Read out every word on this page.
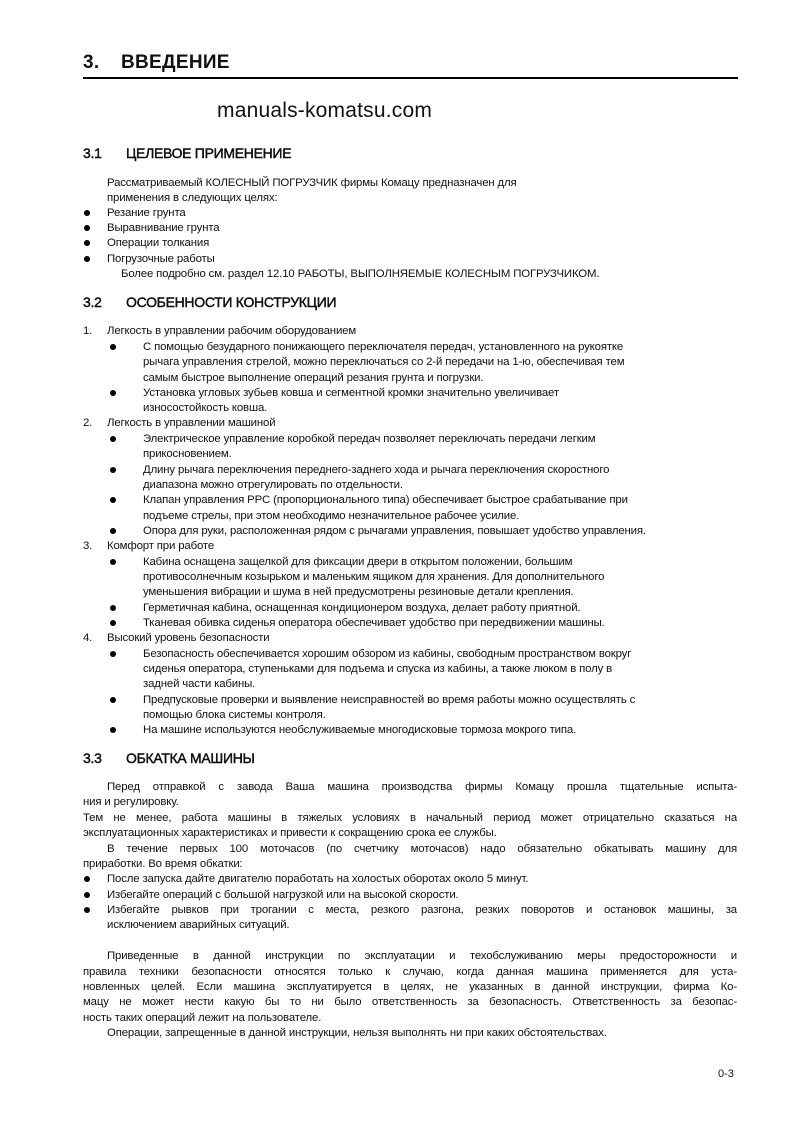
3. ВВЕДЕНИЕ
3.1 ЦЕЛЕВОЕ ПРИМЕНЕНИЕ
Рассматриваемый КОЛЕСНЫЙ ПОГРУЗЧИК фирмы Комацу предназначен для
применения в следующих целях:
Резание грунта
Выравнивание грунта
Операции толкания
Погрузочные работы
Более подробно см. раздел 12.10 РАБОТЫ, ВЫПОЛНЯЕМЫЕ КОЛЕСНЫМ ПОГРУЗЧИКОМ.
3.2 ОСОБЕННОСТИ КОНСТРУКЦИИ
1. Легкость в управлении рабочим оборудованием
С помощью безударного понижающего переключателя передач, установленного на рукоятке
рычага управления стрелой, можно переключаться со 2-й передачи на 1-ю, обеспечивая тем
самым быстрое выполнение операций резания грунта и погрузки.
Установка угловых зубьев ковша и сегментной кромки значительно увеличивает
износостойкость ковша.
2. Легкость в управлении машиной
Электрическое управление коробкой передач позволяет переключать передачи легким
прикосновением.
Длину рычага переключения переднего-заднего хода и рычага переключения скоростного
диапазона можно отрегулировать по отдельности.
Клапан управления PPC (пропорционального типа) обеспечивает быстрое срабатывание при
подъеме стрелы, при этом необходимо незначительное рабочее усилие.
Опора для руки, расположенная рядом с рычагами управления, повышает удобство управления.
3. Комфорт при работе
Кабина оснащена защелкой для фиксации двери в открытом положении, большим
противосолнечным козырьком и маленьким ящиком для хранения. Для дополнительного
уменьшения вибрации и шума в ней предусмотрены резиновые детали крепления.
Герметичная кабина, оснащенная кондиционером воздуха, делает работу приятной.
Тканевая обивка сиденья оператора обеспечивает удобство при передвижении машины.
4. Высокий уровень безопасности
Безопасность обеспечивается хорошим обзором из кабины, свободным пространством вокруг
сиденья оператора, ступеньками для подъема и спуска из кабины, а также люком в полу в
задней части кабины.
Предпусковые проверки и выявление неисправностей во время работы можно осуществлять с
помощью блока системы контроля.
На машине используются необслуживаемые многодисковые тормоза мокрого типа.
3.3 ОБКАТКА МАШИНЫ
Перед отправкой с завода Ваша машина производства фирмы Комацу прошла тщательные испыта-
ния и регулировку.
Тем не менее, работа машины в тяжелых условиях в начальный период может отрицательно сказаться на
эксплуатационных характеристиках и привести к сокращению срока ее службы.
В течение первых 100 моточасов (по счетчику моточасов) надо обязательно обкатывать машину для
приработки. Во время обкатки:
После запуска дайте двигателю поработать на холостых оборотах около 5 минут.
Избегайте операций с большой нагрузкой или на высокой скорости.
Избегайте рывков при трогании с места, резкого разгона, резких поворотов и остановок машины, за
исключением аварийных ситуаций.
Приведенные в данной инструкции по эксплуатации и техобслуживанию меры предосторожности и
правила техники безопасности относятся только к случаю, когда данная машина применяется для уста-
новленных целей. Если машина эксплуатируется в целях, не указанных в данной инструкции, фирма Ко-
мацу не может нести какую бы то ни было ответственность за безопасность. Ответственность за безопас-
ность таких операций лежит на пользователе.
Операции, запрещенные в данной инструкции, нельзя выполнять ни при каких обстоятельствах.
manuals-komatsu.com
0-3
